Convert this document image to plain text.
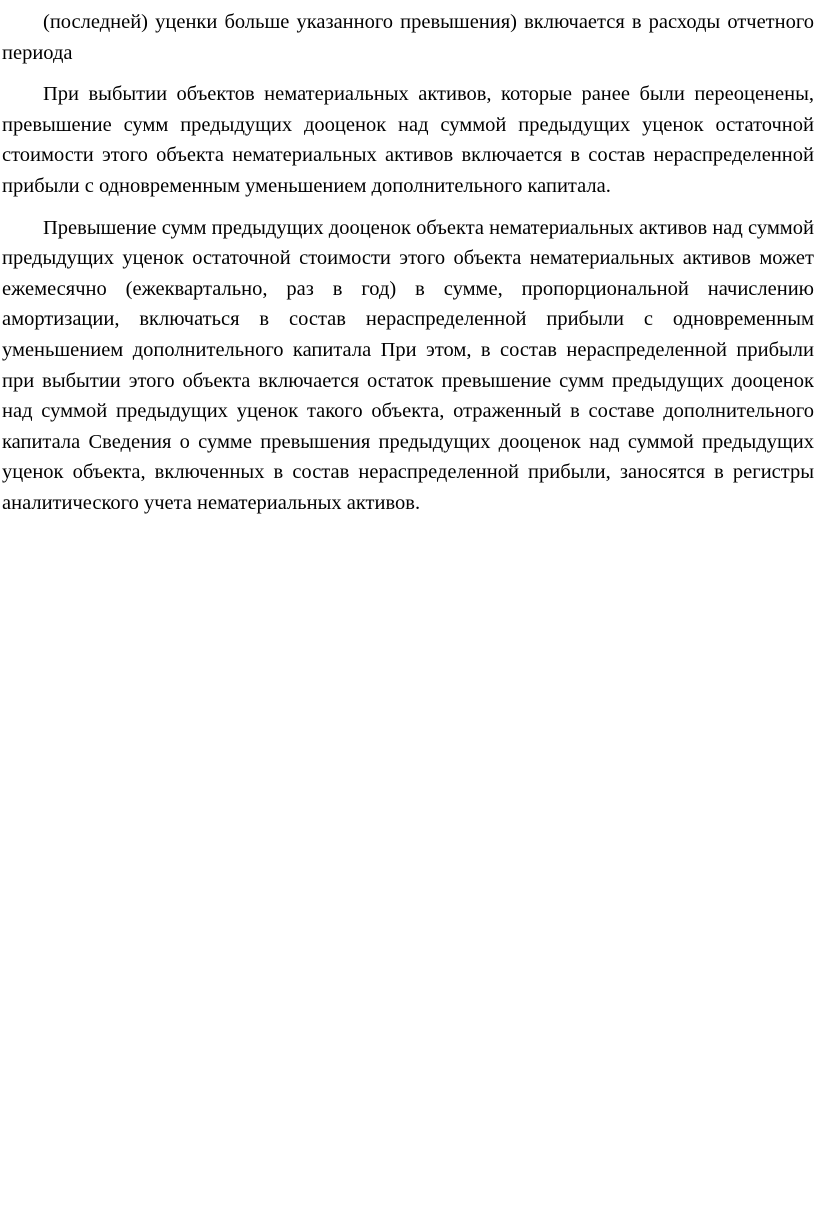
(последней) уценки больше указанного превышения) включается в расходы отчетного периода

При выбытии объектов нематериальных активов, которые ранее были переоценены, превышение сумм предыдущих дооценок над суммой предыдущих уценок остаточной стоимости этого объекта нематериальных активов включается в состав нераспределенной прибыли с одновременным уменьшением дополнительного капитала.

Превышение сумм предыдущих дооценок объекта нематериальных активов над суммой предыдущих уценок остаточной стоимости этого объекта нематериальных активов может ежемесячно (ежеквартально, раз в год) в сумме, пропорциональной начислению амортизации, включаться в состав нераспределенной прибыли с одновременным уменьшением дополнительного капитала При этом, в состав нераспределенной прибыли при выбытии этого объекта включается остаток превышение сумм предыдущих дооценок над суммой предыдущих уценок такого объекта, отраженный в составе дополнительного капитала Сведения о сумме превышения предыдущих дооценок над суммой предыдущих уценок объекта, включенных в состав нераспределенной прибыли, заносятся в регистры аналитического учета нематериальных активов.
